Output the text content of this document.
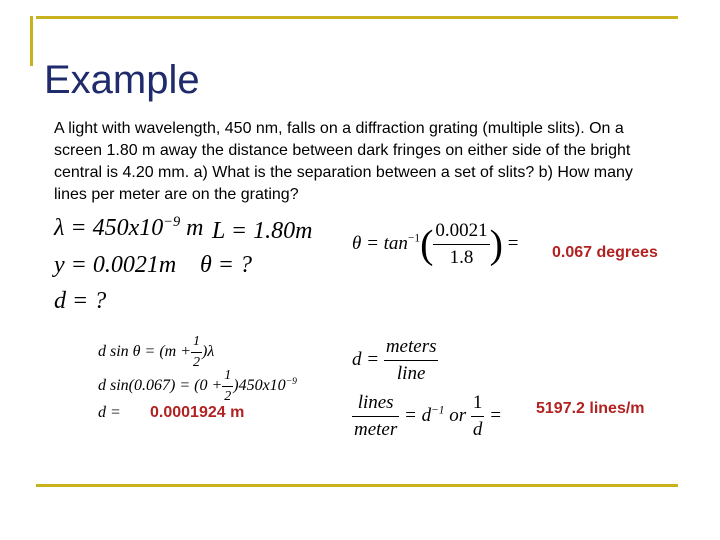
Example
A light with wavelength, 450 nm, falls on a diffraction grating (multiple slits). On a screen 1.80 m away the distance between dark fringes on either side of the bright central is 4.20 mm. a) What is the separation between a set of slits? b) How many lines per meter are on the grating?
$\lambda = 450x10^{-9}$ m L = 1.80m
y = 0.0021m θ = ?
d = ?
$\theta = \tan^{-1}( \frac{0.0021}{1.8}$ ) = 0.067 degrees
d $\sin \theta = (m + \frac{1}{2} )\lambda$
d $\sin(0.067) = (0 + \frac{1}{2} )450x10^{-9}$
d = 0.0001924 m
$d = \frac{\text{meters}}{\text{line}}$
$\frac{\text{lines}}{\text{meter}} = d^{-1}$ or $\frac{1}{d} = 5197.2$ lines/m
